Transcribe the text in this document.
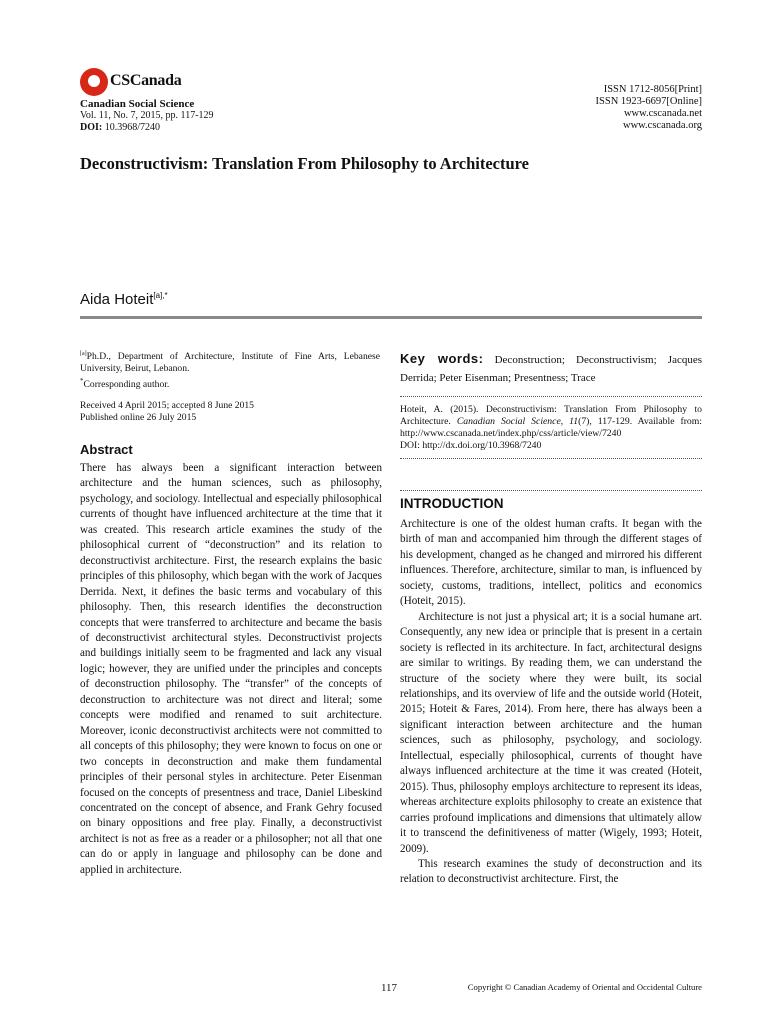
CSCanada
Canadian Social Science
Vol. 11, No. 7, 2015, pp. 117-129
DOI: 10.3968/7240
ISSN 1712-8056[Print]
ISSN 1923-6697[Online]
www.cscanada.net
www.cscanada.org
Deconstructivism: Translation From Philosophy to Architecture
Aida Hoteit$^{[a],*}$
[a]Ph.D., Department of Architecture, Institute of Fine Arts, Lebanese University, Beirut, Lebanon.
*Corresponding author.
Received 4 April 2015; accepted 8 June 2015
Published online 26 July 2015
Abstract

There has always been a significant interaction between architecture and the human sciences, such as philosophy, psychology, and sociology. Intellectual and especially philosophical currents of thought have influenced architecture at the time that it was created. This research article examines the study of the philosophical current of “deconstruction” and its relation to deconstructivist architecture. First, the research explains the basic principles of this philosophy, which began with the work of Jacques Derrida. Next, it defines the basic terms and vocabulary of this philosophy. Then, this research identifies the deconstruction concepts that were transferred to architecture and became the basis of deconstructivist architectural styles. Deconstructivist projects and buildings initially seem to be fragmented and lack any visual logic; however, they are unified under the principles and concepts of deconstruction philosophy. The “transfer” of the concepts of deconstruction to architecture was not direct and literal; some concepts were modified and renamed to suit architecture. Moreover, iconic deconstructivist architects were not committed to all concepts of this philosophy; they were known to focus on one or two concepts in deconstruction and make them fundamental principles of their personal styles in architecture. Peter Eisenman focused on the concepts of presentness and trace, Daniel Libeskind concentrated on the concept of absence, and Frank Gehry focused on binary oppositions and free play. Finally, a deconstructivist architect is not as free as a reader or a philosopher; not all that one can do or apply in language and philosophy can be done and applied in architecture.

Key words: Deconstruction; Deconstructivism; Jacques Derrida; Peter Eisenman; Presentness; Trace
Hoteit, A. (2015). Deconstructivism: Translation From Philosophy to Architecture. Canadian Social Science, 11(7), 117-129. Available from: http://www.cscanada.net/index.php/css/article/view/7240
DOI: http://dx.doi.org/10.3968/7240
INTRODUCTION

Architecture is one of the oldest human crafts. It began with the birth of man and accompanied him through the different stages of his development, changed as he changed and mirrored his different influences. Therefore, architecture, similar to man, is influenced by society, customs, traditions, intellect, politics and economics (Hoteit, 2015).

Architecture is not just a physical art; it is a social humane art. Consequently, any new idea or principle that is present in a certain society is reflected in its architecture. In fact, architectural designs are similar to writings. By reading them, we can understand the structure of the society where they were built, its social relationships, and its overview of life and the outside world (Hoteit, 2015; Hoteit & Fares, 2014). From here, there has always been a significant interaction between architecture and the human sciences, such as philosophy, psychology, and sociology. Intellectual, especially philosophical, currents of thought have always influenced architecture at the time it was created (Hoteit, 2015). Thus, philosophy employs architecture to represent its ideas, whereas architecture exploits philosophy to create an existence that carries profound implications and dimensions that ultimately allow it to transcend the definitiveness of matter (Wigely, 1993; Hoteit, 2009).

This research examines the study of deconstruction and its relation to deconstructivist architecture. First, the

117	Copyright © Canadian Academy of Oriental and Occidental Culture
